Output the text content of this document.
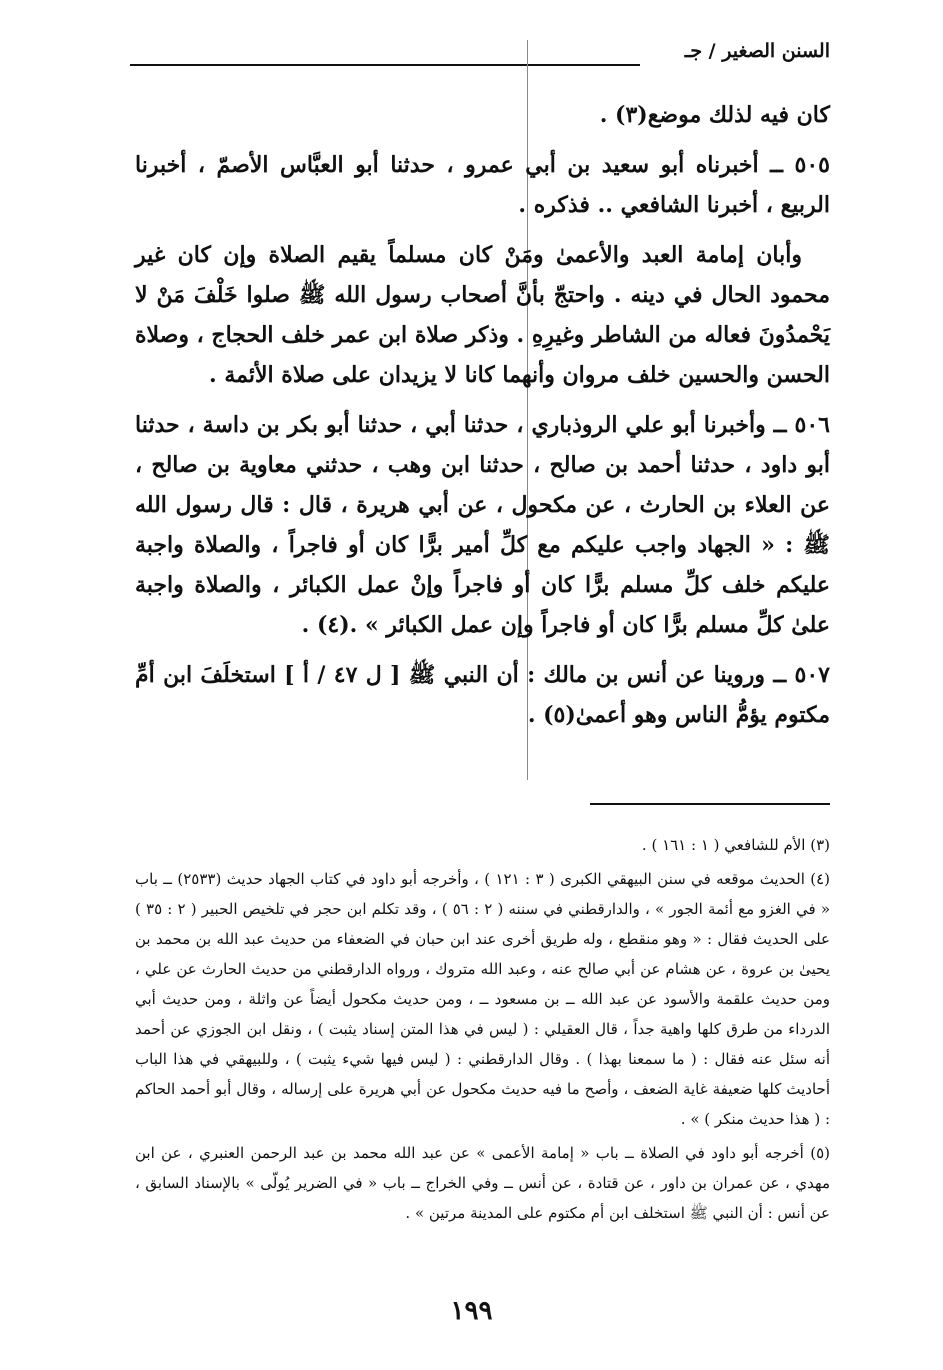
السنن الصغير / جـ

كان فيه لذلك موضع(٣) .

٥٠٥ ــ أخبرناه أبو سعيد بن أبي عمرو ، حدثنا أبو العبَّاس الأصمّ ، أخبرنا الربيع ، أخبرنا الشافعي .. فذكره .

وأبان إمامة العبد والأعمىٰ ومَنْ كان مسلماً يقيم الصلاة وإن كان غير محمود الحال في دينه . واحتجّ بأنَّ أصحاب رسول الله ﷺ صلوا خَلْفَ مَنْ لا يَحْمدُونَ فعاله من الشاطر وغيرِهِ . وذكر صلاة ابن عمر خلف الحجاج ، وصلاة الحسن والحسين خلف مروان وأنهما كانا لا يزيدان على صلاة الأئمة .

٥٠٦ ــ وأخبرنا أبو علي الروذباري ، حدثنا أبي ، حدثنا أبو بكر بن داسة ، حدثنا أبو داود ، حدثنا أحمد بن صالح ، حدثنا ابن وهب ، حدثني معاوية بن صالح ، عن العلاء بن الحارث ، عن مكحول ، عن أبي هريرة ، قال : قال رسول الله ﷺ : « الجهاد واجب عليكم مع كلِّ أمير برًّا كان أو فاجراً ، والصلاة واجبة عليكم خلف كلِّ مسلم برًّا كان أو فاجراً وإنْ عمل الكبائر ، والصلاة واجبة علىٰ كلِّ مسلم برًّا كان أو فاجراً وإن عمل الكبائر » .(٤) .

٥٠٧ ــ وروينا عن أنس بن مالك : أن النبي ﷺ [ ل ٤٧ / أ ] استخلَفَ ابن أمِّ مكتوم يؤمُّ الناس وهو أعمىٰ(٥) .

(٣) الأم للشافعي ( ١ : ١٦١ ) .

(٤) الحديث موقعه في سنن البيهقي الكبرى ( ٣ : ١٢١ ) ، وأخرجه أبو داود في كتاب الجهاد حديث (٢٥٣٣) ــ باب « في الغزو مع أئمة الجور » ، والدارقطني في سننه ( ٢ : ٥٦ ) ، وقد تكلم ابن حجر في تلخيص الحبير ( ٢ : ٣٥ ) على الحديث فقال : « وهو منقطع ، وله طريق أخرى عند ابن حبان في الضعفاء من حديث عبد الله بن محمد بن يحيىٰ بن عروة ، عن هشام عن أبي صالح عنه ، وعبد الله متروك ، ورواه الدارقطني من حديث الحارث عن علي ، ومن حديث علقمة والأسود عن عبد الله ــ بن مسعود ــ ، ومن حديث مكحول أيضاً عن واثلة ، ومن حديث أبي الدرداء من طرق كلها واهية جداً ، قال العقيلي : ( ليس في هذا المتن إسناد يثبت ) ، ونقل ابن الجوزي عن أحمد أنه سئل عنه فقال : ( ما سمعنا بهذا ) . وقال الدارقطني : ( ليس فيها شيء يثبت ) ، وللبيهقي في هذا الباب أحاديث كلها ضعيفة غاية الضعف ، وأصح ما فيه حديث مكحول عن أبي هريرة على إرساله ، وقال أبو أحمد الحاكم : ( هذا حديث منكر ) » .

(٥) أخرجه أبو داود في الصلاة ــ باب « إمامة الأعمى » عن عبد الله محمد بن عبد الرحمن العنبري ، عن ابن مهدي ، عن عمران بن داور ، عن قتادة ، عن أنس ــ وفي الخراج ــ باب « في الضرير يُولّى » بالإسناد السابق ، عن أنس : أن النبي ﷺ استخلف ابن أم مكتوم على المدينة مرتين » .

١٩٩
